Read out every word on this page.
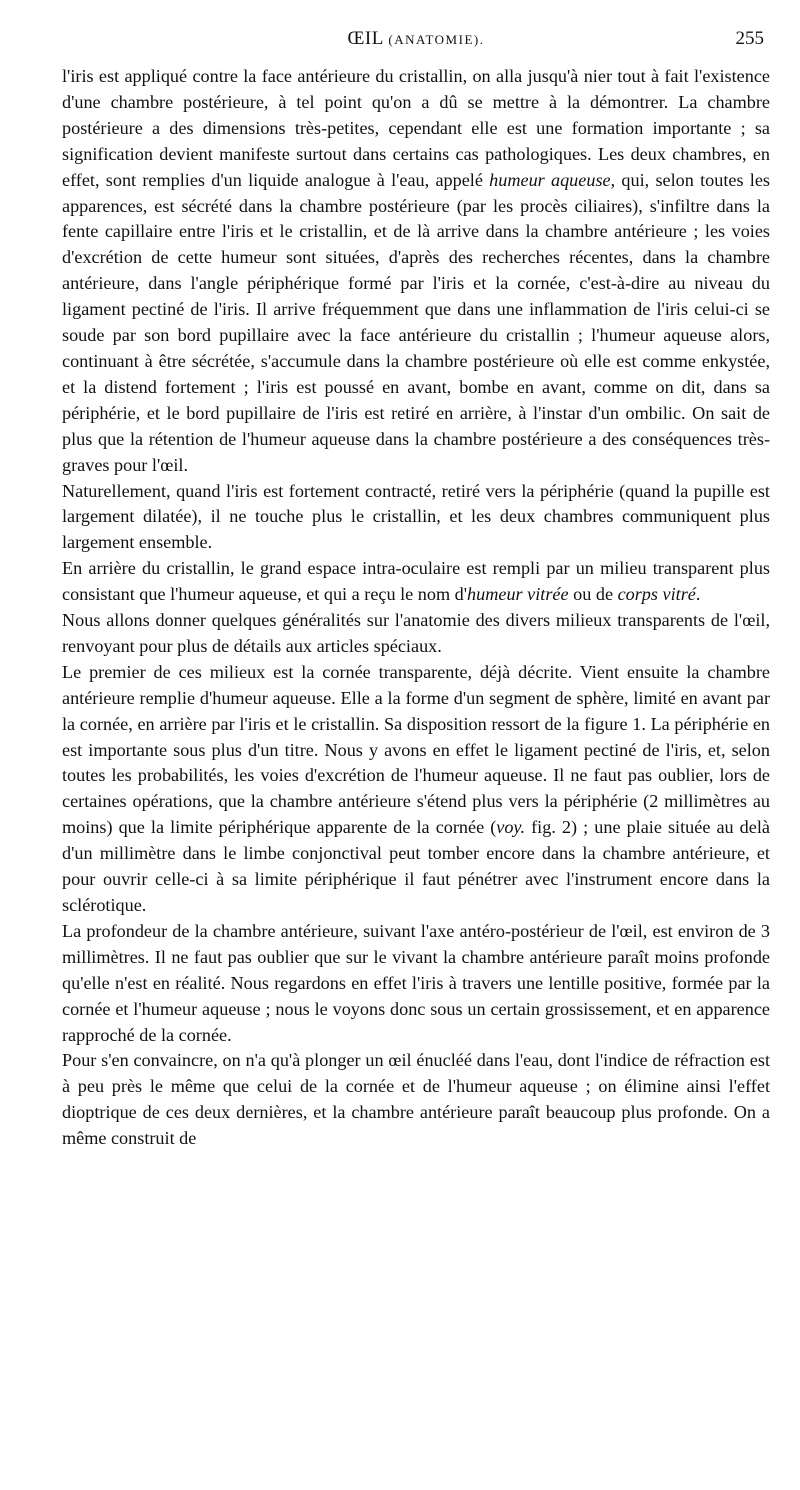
ŒIL (ANATOMIE).	255

l'iris est appliqué contre la face antérieure du cristallin, on alla jusqu'à nier tout à fait l'existence d'une chambre postérieure, à tel point qu'on a dû se mettre à la démontrer. La chambre postérieure a des dimensions très-petites, cependant elle est une formation importante ; sa signification devient manifeste surtout dans certains cas pathologiques. Les deux chambres, en effet, sont remplies d'un liquide analogue à l'eau, appelé humeur aqueuse, qui, selon toutes les apparences, est sécrété dans la chambre postérieure (par les procès ciliaires), s'infiltre dans la fente capillaire entre l'iris et le cristallin, et de là arrive dans la chambre antérieure ; les voies d'excrétion de cette humeur sont situées, d'après des recherches récentes, dans la chambre antérieure, dans l'angle périphérique formé par l'iris et la cornée, c'est-à-dire au niveau du ligament pectiné de l'iris. Il arrive fréquemment que dans une inflammation de l'iris celui-ci se soude par son bord pupillaire avec la face antérieure du cristallin ; l'humeur aqueuse alors, continuant à être sécrétée, s'accumule dans la chambre postérieure où elle est comme enkystée, et la distend fortement ; l'iris est poussé en avant, bombe en avant, comme on dit, dans sa périphérie, et le bord pupillaire de l'iris est retiré en arrière, à l'instar d'un ombilic. On sait de plus que la rétention de l'humeur aqueuse dans la chambre postérieure a des conséquences très-graves pour l'œil.

Naturellement, quand l'iris est fortement contracté, retiré vers la périphérie (quand la pupille est largement dilatée), il ne touche plus le cristallin, et les deux chambres communiquent plus largement ensemble.

En arrière du cristallin, le grand espace intra-oculaire est rempli par un milieu transparent plus consistant que l'humeur aqueuse, et qui a reçu le nom d'humeur vitrée ou de corps vitré.

Nous allons donner quelques généralités sur l'anatomie des divers milieux transparents de l'œil, renvoyant pour plus de détails aux articles spéciaux.

Le premier de ces milieux est la cornée transparente, déjà décrite. Vient ensuite la chambre antérieure remplie d'humeur aqueuse. Elle a la forme d'un segment de sphère, limité en avant par la cornée, en arrière par l'iris et le cristallin. Sa disposition ressort de la figure 1. La périphérie en est importante sous plus d'un titre. Nous y avons en effet le ligament pectiné de l'iris, et, selon toutes les probabilités, les voies d'excrétion de l'humeur aqueuse. Il ne faut pas oublier, lors de certaines opérations, que la chambre antérieure s'étend plus vers la périphérie (2 millimètres au moins) que la limite périphérique apparente de la cornée (voy. fig. 2) ; une plaie située au delà d'un millimètre dans le limbe conjonctival peut tomber encore dans la chambre antérieure, et pour ouvrir celle-ci à sa limite périphérique il faut pénétrer avec l'instrument encore dans la sclérotique.

La profondeur de la chambre antérieure, suivant l'axe antéro-postérieur de l'œil, est environ de 3 millimètres. Il ne faut pas oublier que sur le vivant la chambre antérieure paraît moins profonde qu'elle n'est en réalité. Nous regardons en effet l'iris à travers une lentille positive, formée par la cornée et l'humeur aqueuse ; nous le voyons donc sous un certain grossissement, et en apparence rapproché de la cornée.

Pour s'en convaincre, on n'a qu'à plonger un œil énucléé dans l'eau, dont l'indice de réfraction est à peu près le même que celui de la cornée et de l'humeur aqueuse ; on élimine ainsi l'effet dioptrique de ces deux dernières, et la chambre antérieure paraît beaucoup plus profonde. On a même construit de
